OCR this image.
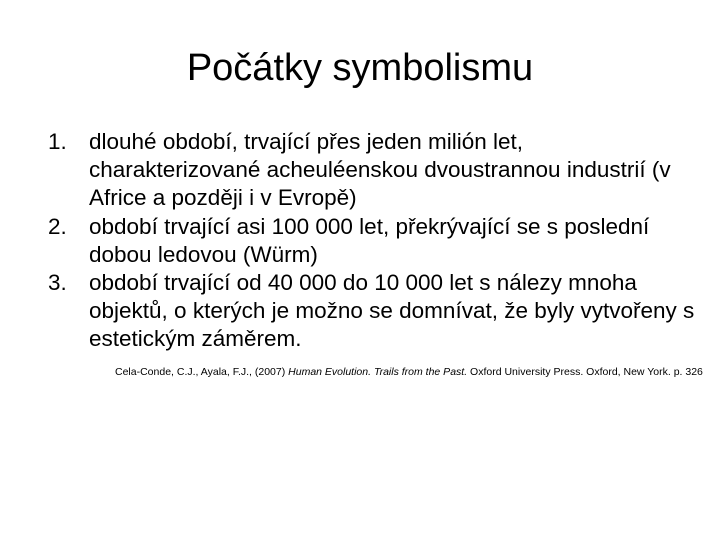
Počátky symbolismu
1. dlouhé období, trvající přes jeden milión let, charakterizované acheuléenskou dvoustrannou industrií (v Africe a později i v Evropě)
2. období trvající asi 100 000 let, překrývající se s poslední dobou ledovou (Würm)
3. období trvající od 40 000 do 10 000 let s nálezy mnoha objektů, o kterých je možno se domnívat, že byly vytvořeny s estetickým záměrem.
Cela-Conde, C.J., Ayala, F.J., (2007) Human Evolution. Trails from the Past. Oxford University Press. Oxford, New York. p. 326
